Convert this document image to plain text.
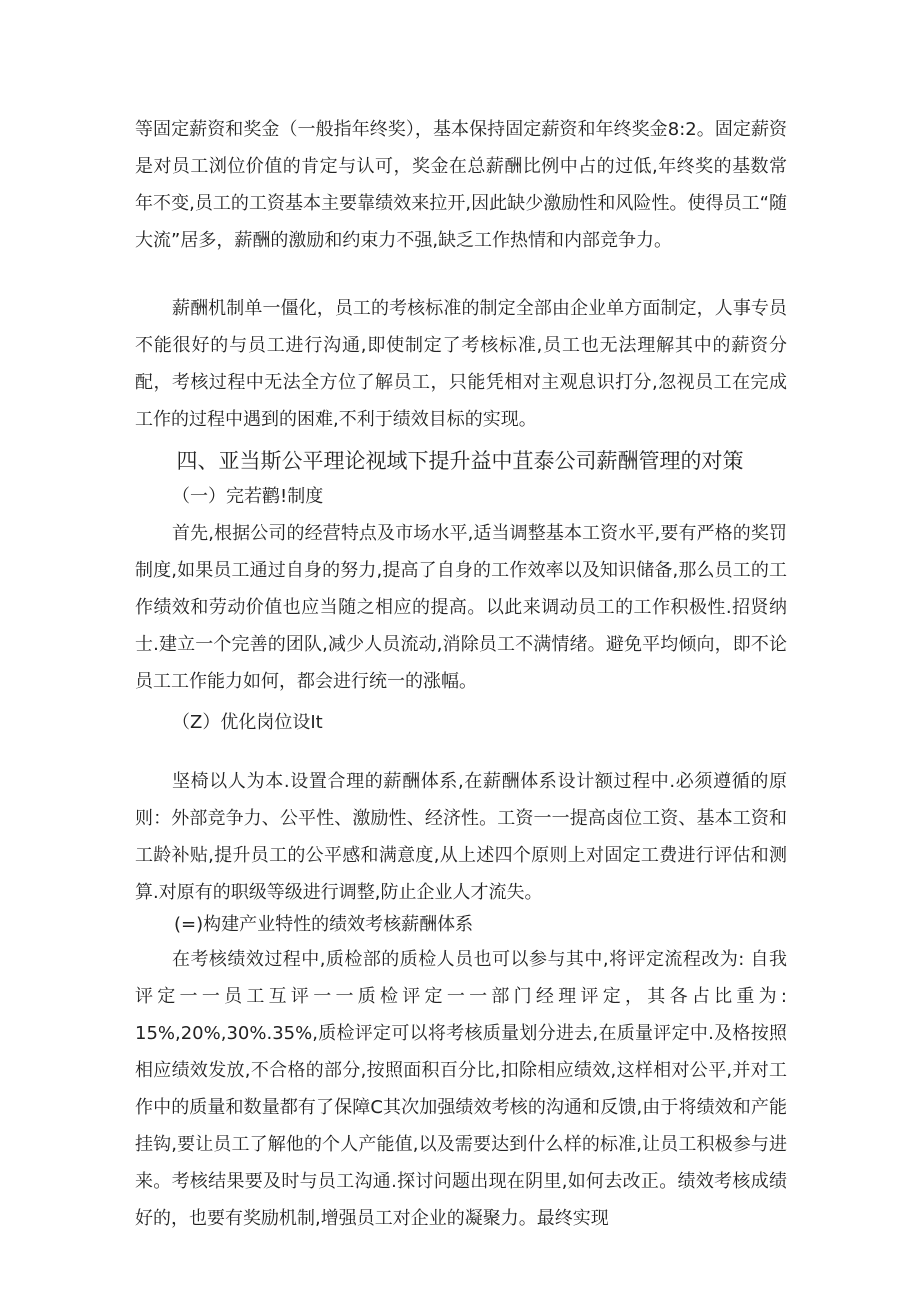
等固定薪资和奖金（一般指年终奖），基本保持固定薪资和年终奖金8:2。固定薪资是对员工浏位价值的肯定与认可，奖金在总薪酬比例中占的过低,年终奖的基数常年不变,员工的工资基本主要靠绩效来拉开,因此缺少激励性和风险性。使得员工“随大流”居多，薪酬的激励和约束力不强,缺乏工作热情和内部竞争力。
薪酬机制单一僵化，员工的考核标准的制定全部由企业单方面制定，人事专员不能很好的与员工进行沟通,即使制定了考核标准,员工也无法理解其中的薪资分配，考核过程中无法全方位了解员工，只能凭相对主观息识打分,忽视员工在完成工作的过程中遇到的困难,不利于绩效目标的实现。
四、亚当斯公平理论视域下提升益中苴泰公司薪酬管理的对策
（一）完若鹳!制度
首先,根据公司的经营特点及市场水平,适当调整基本工资水平,要有严格的奖罚制度,如果员工通过自身的努力,提高了自身的工作效率以及知识储备,那么员工的工作绩效和劳动价值也应当随之相应的提高。以此来调动员工的工作积极性.招贤纳士.建立一个完善的团队,减少人员流动,消除员工不满情绪。避免平均倾向，即不论员工工作能力如何，都会进行统一的涨幅。
（Z）优化岗位设It
坚椅以人为本.设置合理的薪酬体系,在薪酬体系设计额过程中.必须遵循的原则：外部竞争力、公平性、激励性、经济性。工资一一提高卤位工资、基本工资和工龄补贴,提升员工的公平感和满意度,从上述四个原则上对固定工费进行评估和测算.对原有的职级等级进行调整,防止企业人才流失。
(=)构建产业特性的绩效考核薪酬体系
在考核绩效过程中,质检部的质检人员也可以参与其中,将评定流程改为: 自我评定一一员工互评一一质检评定一一部门经理评定，其各占比重为: 15%,20%,30%.35%,质检评定可以将考核质量划分进去,在质量评定中.及格按照相应绩效发放,不合格的部分,按照面积百分比,扣除相应绩效,这样相对公平,并对工作中的质量和数量都有了保障C其次加强绩效考核的沟通和反馈,由于将绩效和产能挂钩,要让员工了解他的个人产能值,以及需要达到什么样的标准,让员工积极参与进来。考核结果要及时与员工沟通.探讨问题出现在阴里,如何去改正。绩效考核成绩好的，也要有奖励机制,增强员工对企业的凝聚力。最终实现
